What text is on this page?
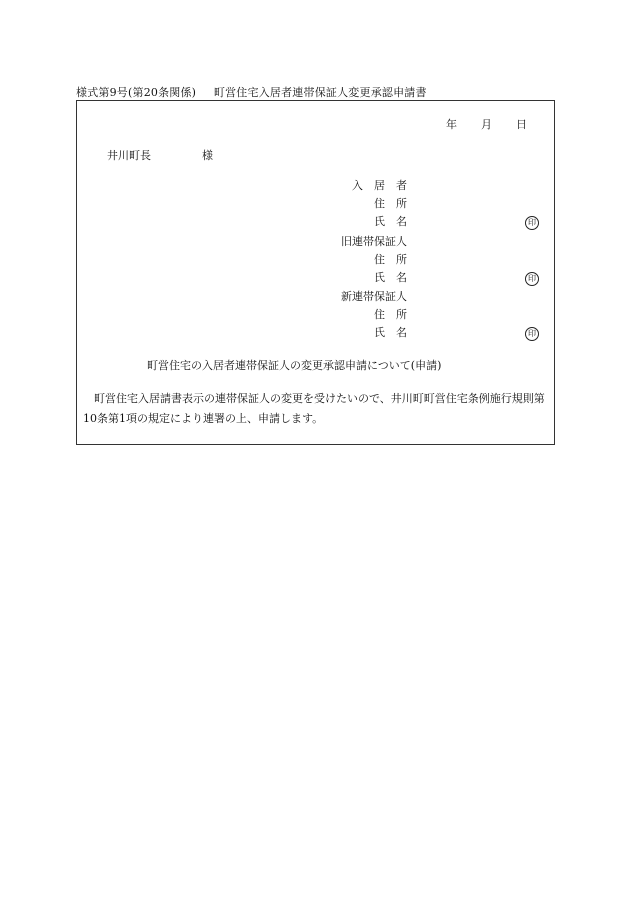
様式第9号(第20条関係) 町営住宅入居者連帯保証人変更承認申請書
年 月 日
井川町長	様
入　居　者
住　所
氏　名	印
旧連帯保証人
住　所
氏　名	印
新連帯保証人
住　所
氏　名	印
町営住宅の入居者連帯保証人の変更承認申請について(申請)
町営住宅入居請書表示の連帯保証人の変更を受けたいので、井川町町営住宅条例施行規則第10条第1項の規定により連署の上、申請します。
